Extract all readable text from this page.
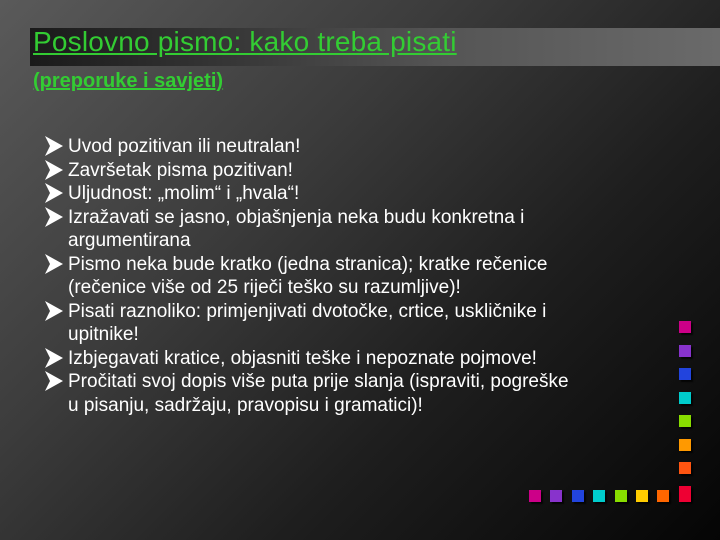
Poslovno pismo: kako treba pisati
(preporuke i savjeti)
Uvod pozitivan ili neutralan!
Završetak pisma pozitivan!
Uljudnost: „molim“ i „hvala“!
Izražavati se jasno, objašnjenja neka budu konkretna i
argumentirana
Pismo neka bude kratko (jedna stranica); kratke rečenice
(rečenice više od 25 riječi teško su razumljive)!
Pisati raznoliko: primjenjivati dvotočke, crtice, uskličnike i
upitnike!
Izbjegavati kratice, objasniti teške i nepoznate pojmove!
Pročitati svoj dopis više puta prije slanja (ispraviti, pogreške
u pisanju, sadržaju, pravopisu i gramatici)!
